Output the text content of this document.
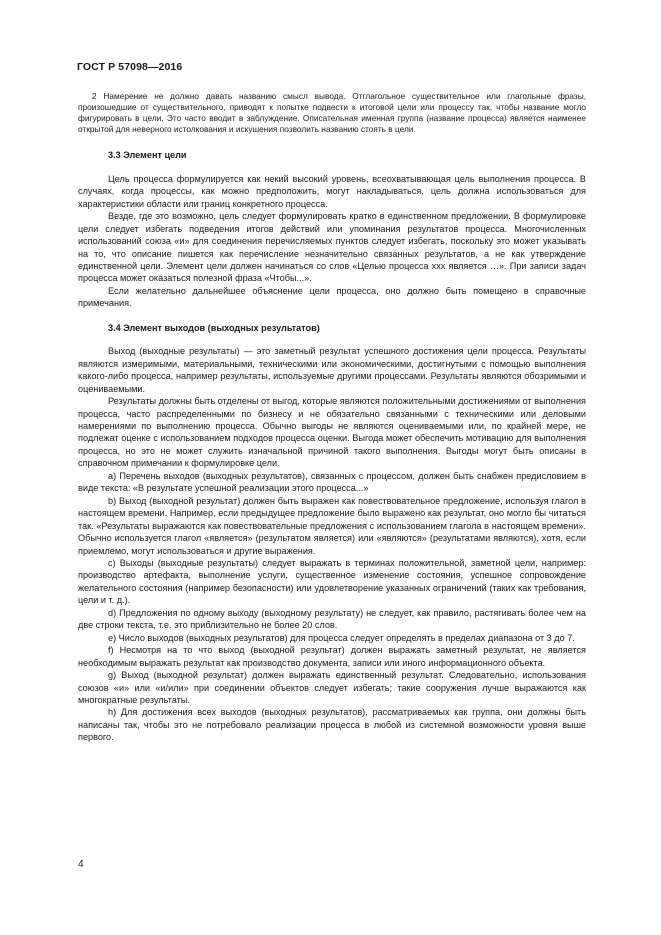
ГОСТ Р 57098—2016

2 Намерение не должно давать названию смысл вывода. Отглагольное существительное или глагольные фразы, произошедшие от существительного, приводят к попытке подвести к итоговой цели или процессу так, чтобы название могло фигурировать в цели. Это часто вводит в заблуждение. Описательная именная группа (название процесса) является наименее открытой для неверного истолкования и искушения позволить названию стоять в цели.

3.3 Элемент цели

Цель процесса формулируется как некий высокий уровень, всеохватывающая цель выполнения процесса. В случаях, когда процессы, как можно предположить, могут накладываться, цель должна использоваться для характеристики области или границ конкретного процесса.

Везде, где это возможно, цель следует формулировать кратко в единственном предложении. В формулировке цели следует избегать подведения итогов действий или упоминания результатов процесса. Многочисленных использований союза «и» для соединения перечисляемых пунктов следует избегать, поскольку это может указывать на то, что описание пишется как перечисление незначительно связанных результатов, а не как утверждение единственной цели. Элемент цели должен начинаться со слов «Целью процесса xxx является …». При записи задач процесса может оказаться полезной фраза «Чтобы...».

Если желательно дальнейшее объяснение цели процесса, оно должно быть помещено в справочные примечания.

3.4 Элемент выходов (выходных результатов)

Выход (выходные результаты) — это заметный результат успешного достижения цели процесса. Результаты являются измеримыми, материальными, техническими или экономическими, достигнутыми с помощью выполнения какого-либо процесса, например результаты, используемые другими процессами. Результаты являются обозримыми и оцениваемыми.

Результаты должны быть отделены от выгод, которые являются положительными достижениями от выполнения процесса, часто распределенными по бизнесу и не обязательно связанными с техническими или деловыми намерениями по выполнению процесса. Обычно выгоды не являются оцениваемыми или, по крайней мере, не подлежат оценке с использованием подходов процесса оценки. Выгода может обеспечить мотивацию для выполнения процесса, но это не может служить изначальной причиной такого выполнения. Выгоды могут быть описаны в справочном примечании к формулировке цели.

а) Перечень выходов (выходных результатов), связанных с процессом, должен быть снабжен предисловием в виде текста: «В результате успешной реализации этого процесса...»

b) Выход (выходной результат) должен быть выражен как повествовательное предложение, используя глагол в настоящем времени. Например, если предыдущее предложение было выражено как результат, оно могло бы читаться так. «Результаты выражаются как повествовательные предложения с использованием глагола в настоящем времени». Обычно используется глагол «является» (результатом является) или «являются» (результатами являются), хотя, если приемлемо, могут использоваться и другие выражения.

с) Выходы (выходные результаты) следует выражать в терминах положительной, заметной цели, например: производство артефакта, выполнение услуги, существенное изменение состояния, успешное сопровождение желательного состояния (например безопасности) или удовлетворение указанных ограничений (таких как требования, цели и т. д.).

d) Предложения по одному выходу (выходному результату) не следует, как правило, растягивать более чем на две строки текста, т.е. это приблизительно не более 20 слов.

е) Число выходов (выходных результатов) для процесса следует определять в пределах диапазона от 3 до 7.

f) Несмотря на то что выход (выходной результат) должен выражать заметный результат, не является необходимым выражать результат как производство документа, записи или иного информационного объекта.

g) Выход (выходной результат) должен выражать единственный результат. Следовательно, использования союзов «и» или «и/или» при соединении объектов следует избегать; такие сооружения лучше выражаются как многократные результаты.

h) Для достижения всех выходов (выходных результатов), рассматриваемых как группа, они должны быть написаны так, чтобы это не потребовало реализации процесса в любой из системной возможности уровня выше первого.

4
